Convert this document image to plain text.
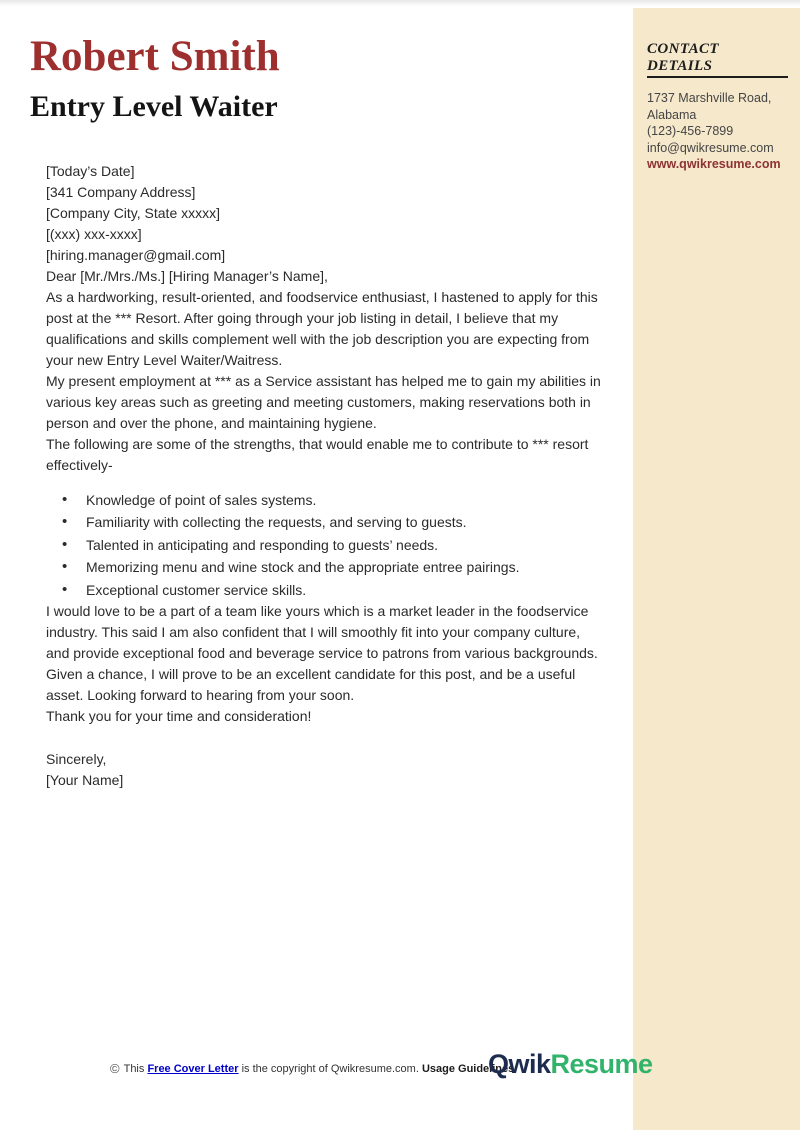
CONTACT DETAILS
1737 Marshville Road,
Alabama
(123)-456-7899
info@qwikresume.com
www.qwikresume.com
Robert Smith
Entry Level Waiter

[Today’s Date]

[341 Company Address]
[Company City, State xxxxx]
[(xxx) xxx-xxxx]
[hiring.manager@gmail.com]

Dear [Mr./Mrs./Ms.] [Hiring Manager’s Name],

As a hardworking, result-oriented, and foodservice enthusiast, I hastened to apply for this post at the *** Resort. After going through your job listing in detail, I believe that my qualifications and skills complement well with the job description you are expecting from your new Entry Level Waiter/Waitress.

My present employment at *** as a Service assistant has helped me to gain my abilities in various key areas such as greeting and meeting customers, making reservations both in person and over the phone, and maintaining hygiene.

The following are some of the strengths, that would enable me to contribute to *** resort effectively-

• Knowledge of point of sales systems.
• Familiarity with collecting the requests, and serving to guests.
• Talented in anticipating and responding to guests’ needs.
• Memorizing menu and wine stock and the appropriate entree pairings.
• Exceptional customer service skills.

I would love to be a part of a team like yours which is a market leader in the foodservice industry. This said I am also confident that I will smoothly fit into your company culture, and provide exceptional food and beverage service to patrons from various backgrounds.

Given a chance, I will prove to be an excellent candidate for this post, and be a useful asset. Looking forward to hearing from your soon.

Thank you for your time and consideration!

Sincerely,
[Your Name]
© This Free Cover Letter is the copyright of Qwikresume.com. Usage Guidelines
QwikResume
